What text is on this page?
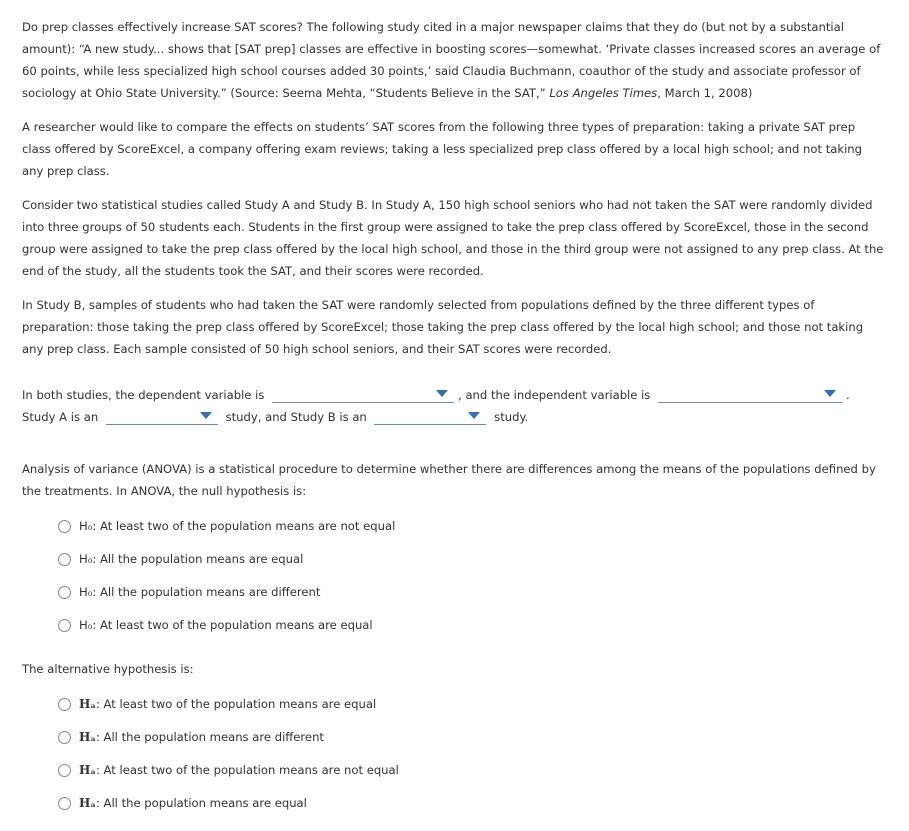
Do prep classes effectively increase SAT scores? The following study cited in a major newspaper claims that they do (but not by a substantial amount): “A new study... shows that [SAT prep] classes are effective in boosting scores—somewhat. ‘Private classes increased scores an average of 60 points, while less specialized high school courses added 30 points,’ said Claudia Buchmann, coauthor of the study and associate professor of sociology at Ohio State University.” (Source: Seema Mehta, “Students Believe in the SAT,” Los Angeles Times, March 1, 2008)

A researcher would like to compare the effects on students’ SAT scores from the following three types of preparation: taking a private SAT prep class offered by ScoreExcel, a company offering exam reviews; taking a less specialized prep class offered by a local high school; and not taking any prep class.

Consider two statistical studies called Study A and Study B. In Study A, 150 high school seniors who had not taken the SAT were randomly divided into three groups of 50 students each. Students in the first group were assigned to take the prep class offered by ScoreExcel, those in the second group were assigned to take the prep class offered by the local high school, and those in the third group were not assigned to any prep class. At the end of the study, all the students took the SAT, and their scores were recorded.

In Study B, samples of students who had taken the SAT were randomly selected from populations defined by the three different types of preparation: those taking the prep class offered by ScoreExcel; those taking the prep class offered by the local high school; and those not taking any prep class. Each sample consisted of 50 high school seniors, and their SAT scores were recorded.

In both studies, the dependent variable is	, and the independent variable is	. Study A is an	study, and Study B is an	study.

Analysis of variance (ANOVA) is a statistical procedure to determine whether there are differences among the means of the populations defined by the treatments. In ANOVA, the null hypothesis is:

H₀: At least two of the population means are not equal
H₀: All the population means are equal
H₀: All the population means are different
H₀: At least two of the population means are equal

The alternative hypothesis is:

Hₐ: At least two of the population means are equal
Hₐ: All the population means are different
Hₐ: At least two of the population means are not equal
Hₐ: All the population means are equal
